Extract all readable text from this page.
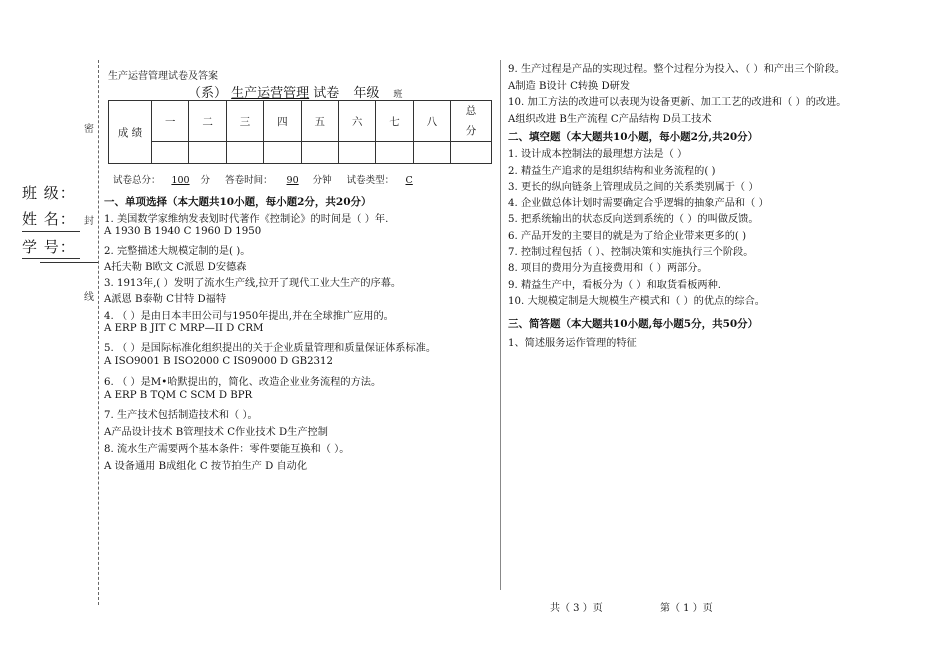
密
封
线
班 级：
姓 名：
学 号：
生产运营管理试卷及答案
（系） 生产运营管理 试卷 年级 班
成 绩	一	二	三	四	五	六	七	八	总
分

试卷总分： 100 分 答卷时间： 90 分钟 试卷类型： C
一、单项选择（本大题共10小题，每小题2分，共20分）
1. 美国数学家维纳发表划时代著作《控制论》的时间是（ ）年.
A 1930 B 1940 C 1960 D 1950
2. 完整描述大规模定制的是( )。
A托夫勒 B欧文 C派恩 D安德森
3. 1913年,( ）发明了流水生产线,拉开了现代工业大生产的序幕。
A派恩 B泰勒 C甘特 D福特
4. （ ）是由日本丰田公司与1950年提出,并在全球推广应用的。
A ERP B JIT C MRP—II D CRM
5. （ ）是国际标准化组织提出的关于企业质量管理和质量保证体系标准。
A ISO9001 B ISO2000 C IS09000 D GB2312
6. （ ）是M•哈默提出的，简化、改造企业业务流程的方法。
A ERP B TQM C SCM D BPR
7. 生产技术包括制造技术和（ ）。
A产品设计技术 B管理技术 C作业技术 D生产控制
8. 流水生产需要两个基本条件：零件要能互换和（ ）。
A 设备通用 B成组化 C 按节拍生产 D 自动化
9. 生产过程是产品的实现过程。整个过程分为投入、（ ）和产出三个阶段。
A制造 B设计 C转换 D研发
10. 加工方法的改进可以表现为设备更新、加工工艺的改进和（ ）的改进。
A组织改进 B生产流程 C产品结构 D员工技术
二、填空题（本大题共10小题，每小题2分,共20分）
1. 设计成本控制法的最理想方法是（ ）
2. 精益生产追求的是组织结构和业务流程的( )
3. 更长的纵向链条上管理成员之间的关系类别属于（ ）
4. 企业做总体计划时需要确定合乎逻辑的抽象产品和（ ）
5. 把系统输出的状态反向送到系统的（ ）的叫做反馈。
6. 产品开发的主要目的就是为了给企业带来更多的( )
7. 控制过程包括（ ）、控制决策和实施执行三个阶段。
8. 项目的费用分为直接费用和（ ）两部分。
9. 精益生产中，看板分为（ ）和取货看板两种.
10. 大规模定制是大规模生产模式和（ ）的优点的综合。
三、简答题（本大题共10小题,每小题5分，共50分）
1、简述服务运作管理的特征
共（ 3 ）页	第（ 1 ）页
